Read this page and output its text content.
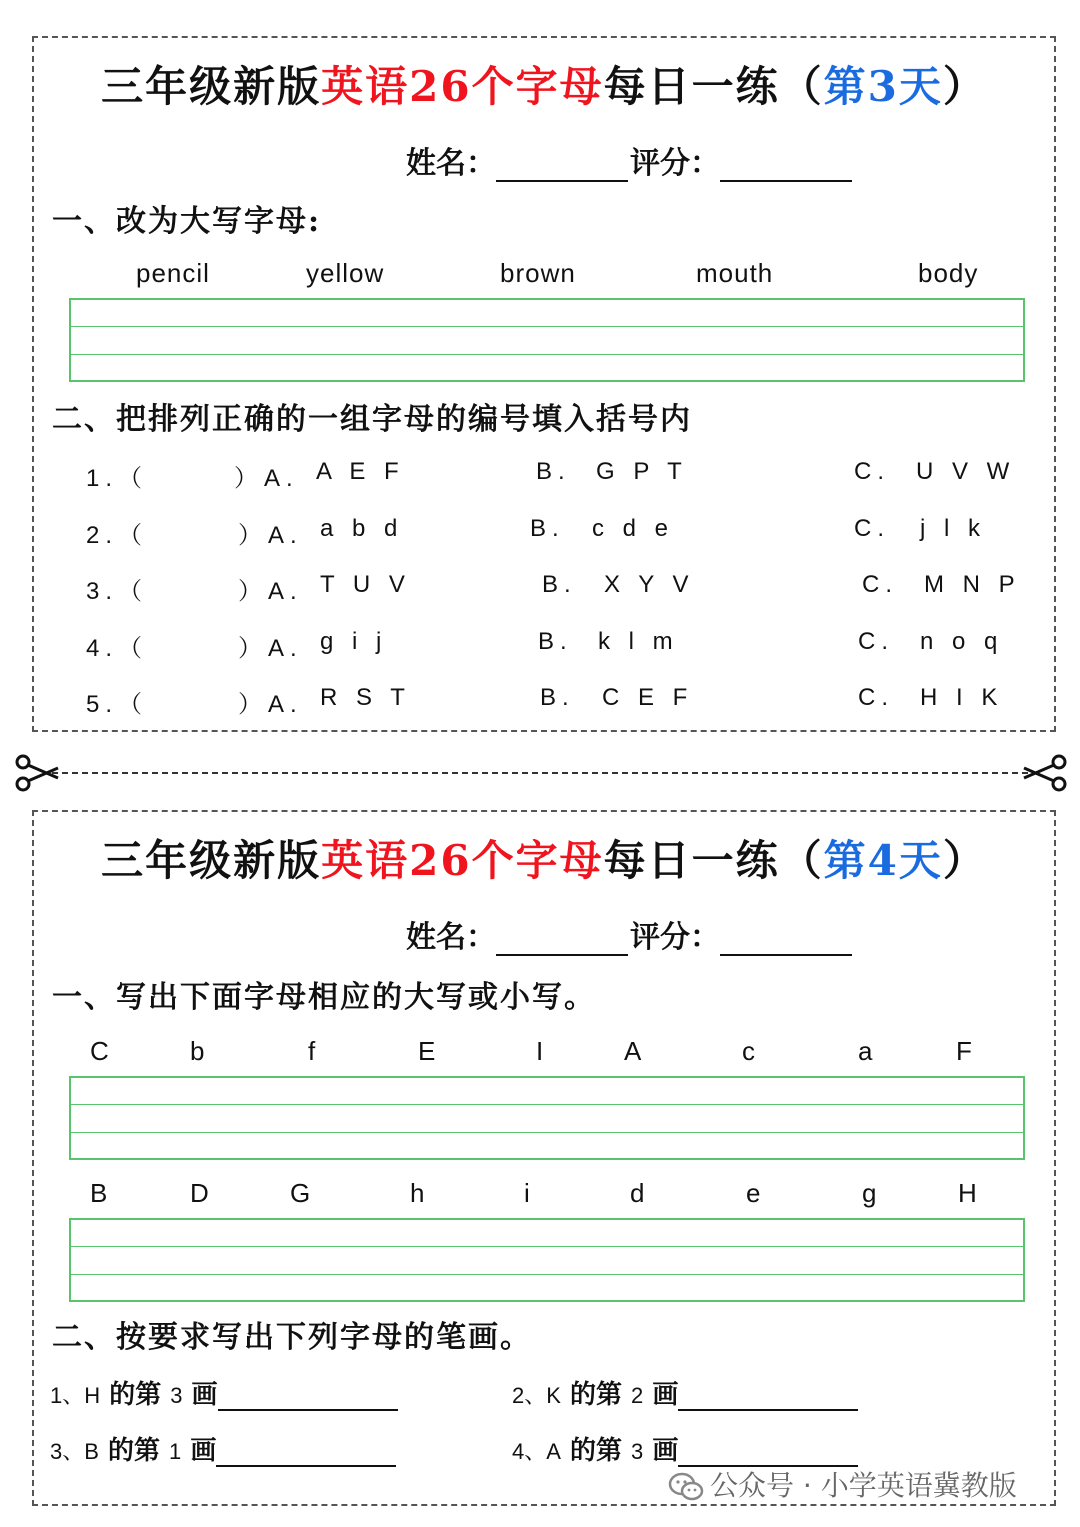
三年级新版英语26个字母每日一练（第3天）
姓名：	评分：
一、改为大写字母:
pencil	yellow	brown	mouth	body
二、把排列正确的一组字母的编号填入括号内
1.（	）A. A E F	B. G P T	C. U V W
2.（	）A. a b d	B. c d e	C. j l k
3.（	）A. T U V	B. X Y V	C. M N P
4.（	）A. g i j	B. k l m	C. n o q
5.（	）A. R S T	B. C E F	C. H I K
三年级新版英语26个字母每日一练（第4天）
姓名：	评分：
一、写出下面字母相应的大写或小写。
C	b	f	E	I	A	c	a	F
B	D	G	h	i	d	e	g	H
二、按要求写出下列字母的笔画。
1、H 的第 3 画	2、K 的第 2 画
3、B 的第 1 画	4、A 的第 3 画
公众号 · 小学英语冀教版
